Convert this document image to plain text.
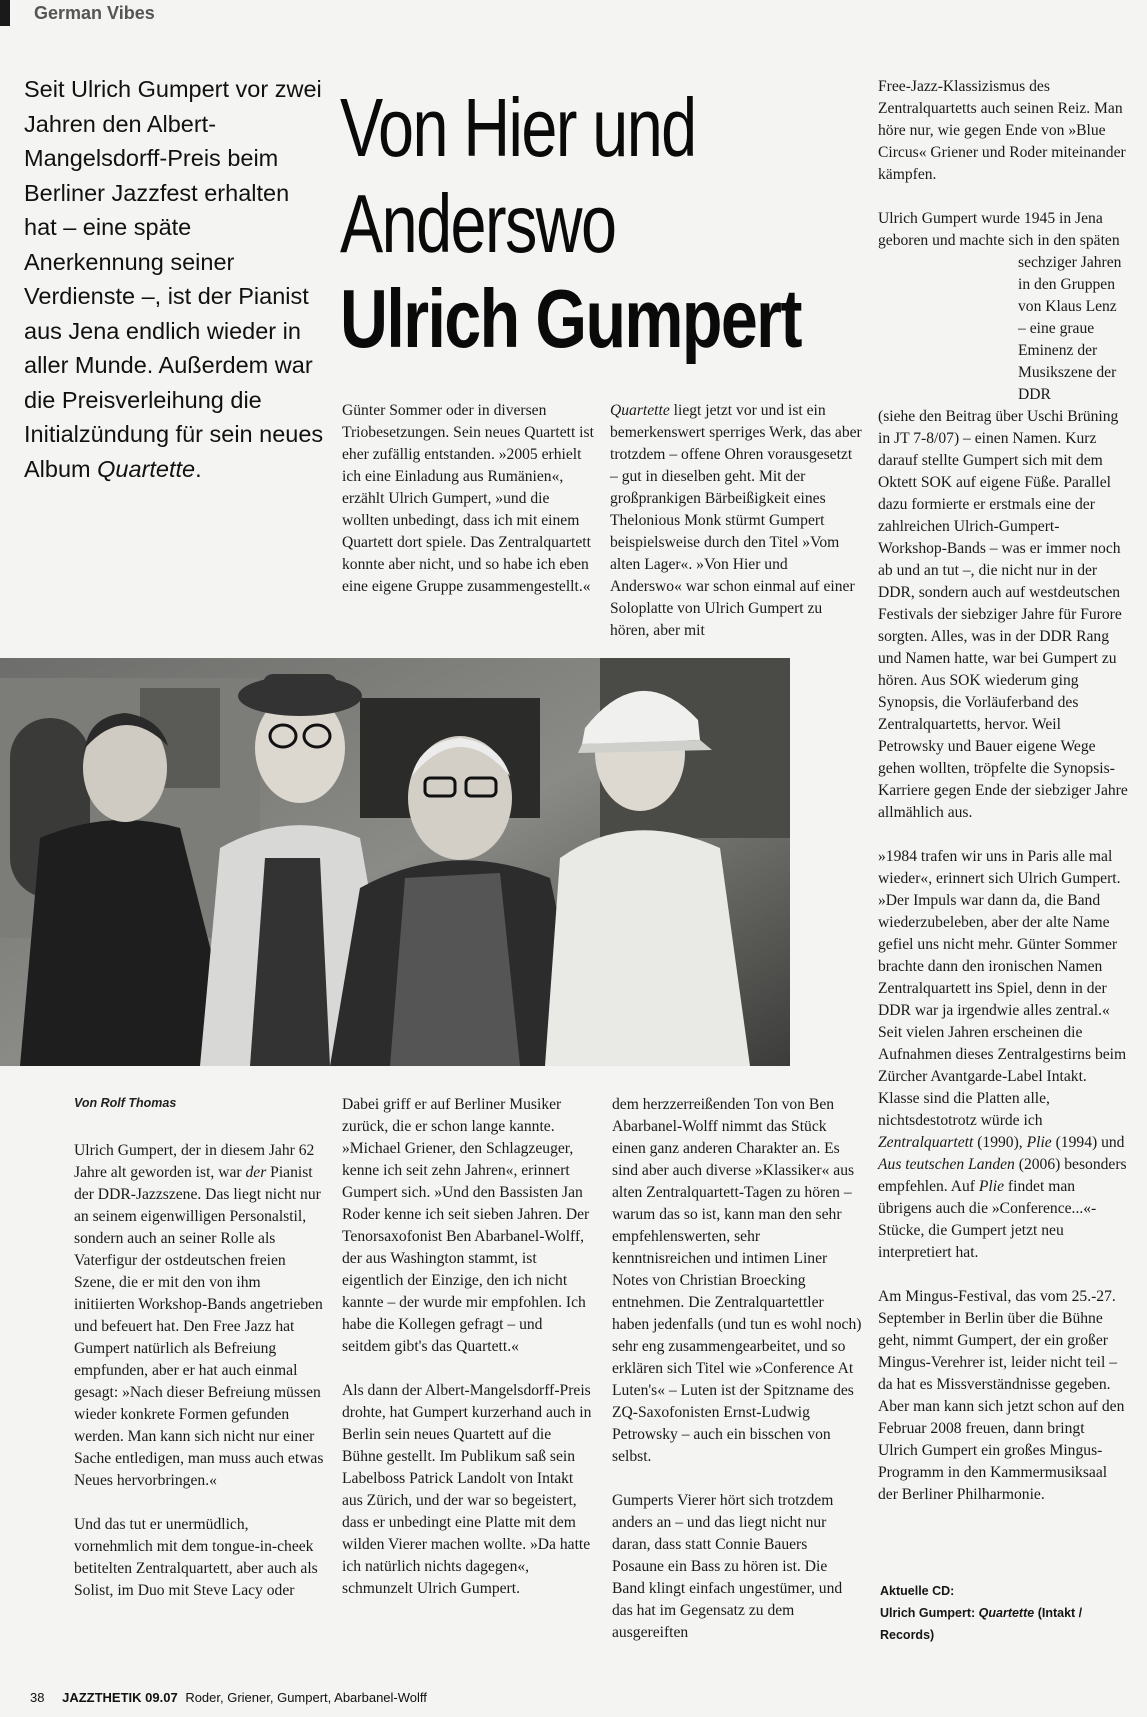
German Vibes

Seit Ulrich Gumpert vor zwei Jahren den Albert-Mangelsdorff-Preis beim Berliner Jazzfest erhalten hat – eine späte Anerkennung seiner Verdienste –, ist der Pianist aus Jena endlich wieder in aller Munde. Außerdem war die Preisverleihung die Initialzündung für sein neues Album Quartette.

Von Hier und
Anderswo
Ulrich Gumpert

Günter Sommer oder in diversen Triobesetzungen. Sein neues Quartett ist eher zufällig entstanden. »2005 erhielt ich eine Einladung aus Rumänien«, erzählt Ulrich Gumpert, »und die wollten unbedingt, dass ich mit einem Quartett dort spiele. Das Zentralquartett konnte aber nicht, und so habe ich eben eine eigene Gruppe zusammengestellt.«

Quartette liegt jetzt vor und ist ein bemerkenswert sperriges Werk, das aber trotzdem – offene Ohren vorausgesetzt – gut in dieselben geht. Mit der großprankigen Bärbeißigkeit eines Thelonious Monk stürmt Gumpert beispielsweise durch den Titel »Vom alten Lager«. »Von Hier und Anderswo« war schon einmal auf einer Soloplatte von Ulrich Gumpert zu hören, aber mit

Free-Jazz-Klassizismus des Zentralquartetts auch seinen Reiz. Man höre nur, wie gegen Ende von »Blue Circus« Griener und Roder miteinander kämpfen.

Ulrich Gumpert wurde 1945 in Jena geboren und machte sich in den späten
sechziger Jahren in den Gruppen von Klaus Lenz – eine graue Eminenz der Musikszene der DDR
(siehe den Beitrag über Uschi Brüning in JT 7-8/07) – einen Namen. Kurz darauf stellte Gumpert sich mit dem Oktett SOK auf eigene Füße. Parallel dazu formierte er erstmals eine der zahlreichen Ulrich-Gumpert-Workshop-Bands – was er immer noch ab und an tut –, die nicht nur in der DDR, sondern auch auf westdeutschen Festivals der siebziger Jahre für Furore sorgten. Alles, was in der DDR Rang und Namen hatte, war bei Gumpert zu hören. Aus SOK wiederum ging Synopsis, die Vorläuferband des Zentralquartetts, hervor. Weil Petrowsky und Bauer eigene Wege gehen wollten, tröpfelte die Synopsis-Karriere gegen Ende der siebziger Jahre allmählich aus.

»1984 trafen wir uns in Paris alle mal wieder«, erinnert sich Ulrich Gumpert. »Der Impuls war dann da, die Band wiederzubeleben, aber der alte Name gefiel uns nicht mehr. Günter Sommer brachte dann den ironischen Namen Zentralquartett ins Spiel, denn in der DDR war ja irgendwie alles zentral.« Seit vielen Jahren erscheinen die Aufnahmen dieses Zentralgestirns beim Zürcher Avantgarde-Label Intakt. Klasse sind die Platten alle, nichtsdestotrotz würde ich Zentralquartett (1990), Plie (1994) und Aus teutschen Landen (2006) besonders empfehlen. Auf Plie findet man übrigens auch die »Conference...«-Stücke, die Gumpert jetzt neu interpretiert hat.

Am Mingus-Festival, das vom 25.-27. September in Berlin über die Bühne geht, nimmt Gumpert, der ein großer Mingus-Verehrer ist, leider nicht teil – da hat es Missverständnisse gegeben. Aber man kann sich jetzt schon auf den Februar 2008 freuen, dann bringt Ulrich Gumpert ein großes Mingus-Programm in den Kammermusiksaal der Berliner Philharmonie.

Von Rolf Thomas

Ulrich Gumpert, der in diesem Jahr 62 Jahre alt geworden ist, war der Pianist der DDR-Jazzszene. Das liegt nicht nur an seinem eigenwilligen Personalstil, sondern auch an seiner Rolle als Vaterfigur der ostdeutschen freien Szene, die er mit den von ihm initiierten Workshop-Bands angetrieben und befeuert hat. Den Free Jazz hat Gumpert natürlich als Befreiung empfunden, aber er hat auch einmal gesagt: »Nach dieser Befreiung müssen wieder konkrete Formen gefunden werden. Man kann sich nicht nur einer Sache entledigen, man muss auch etwas Neues hervorbringen.«

Und das tut er unermüdlich, vornehmlich mit dem tongue-in-cheek betitelten Zentralquartett, aber auch als Solist, im Duo mit Steve Lacy oder

Dabei griff er auf Berliner Musiker zurück, die er schon lange kannte. »Michael Griener, den Schlagzeuger, kenne ich seit zehn Jahren«, erinnert Gumpert sich. »Und den Bassisten Jan Roder kenne ich seit sieben Jahren. Der Tenorsaxofonist Ben Abarbanel-Wolff, der aus Washington stammt, ist eigentlich der Einzige, den ich nicht kannte – der wurde mir empfohlen. Ich habe die Kollegen gefragt – und seitdem gibt's das Quartett.«

Als dann der Albert-Mangelsdorff-Preis drohte, hat Gumpert kurzerhand auch in Berlin sein neues Quartett auf die Bühne gestellt. Im Publikum saß sein Labelboss Patrick Landolt von Intakt aus Zürich, und der war so begeistert, dass er unbedingt eine Platte mit dem wilden Vierer machen wollte. »Da hatte ich natürlich nichts dagegen«, schmunzelt Ulrich Gumpert.

dem herzzerreißenden Ton von Ben Abarbanel-Wolff nimmt das Stück einen ganz anderen Charakter an. Es sind aber auch diverse »Klassiker« aus alten Zentralquartett-Tagen zu hören – warum das so ist, kann man den sehr empfehlenswerten, sehr kenntnisreichen und intimen Liner Notes von Christian Broecking entnehmen. Die Zentralquartettler haben jedenfalls (und tun es wohl noch) sehr eng zusammengearbeitet, und so erklären sich Titel wie »Conference At Luten's« – Luten ist der Spitzname des ZQ-Saxofonisten Ernst-Ludwig Petrowsky – auch ein bisschen von selbst.

Gumperts Vierer hört sich trotzdem anders an – und das liegt nicht nur daran, dass statt Connie Bauers Posaune ein Bass zu hören ist. Die Band klingt einfach ungestümer, und das hat im Gegensatz zu dem ausgereiften

Aktuelle CD:
Ulrich Gumpert: Quartette (Intakt / Records)
38 JAZZTHETIK 09.07 Roder, Griener, Gumpert, Abarbanel-Wolff
